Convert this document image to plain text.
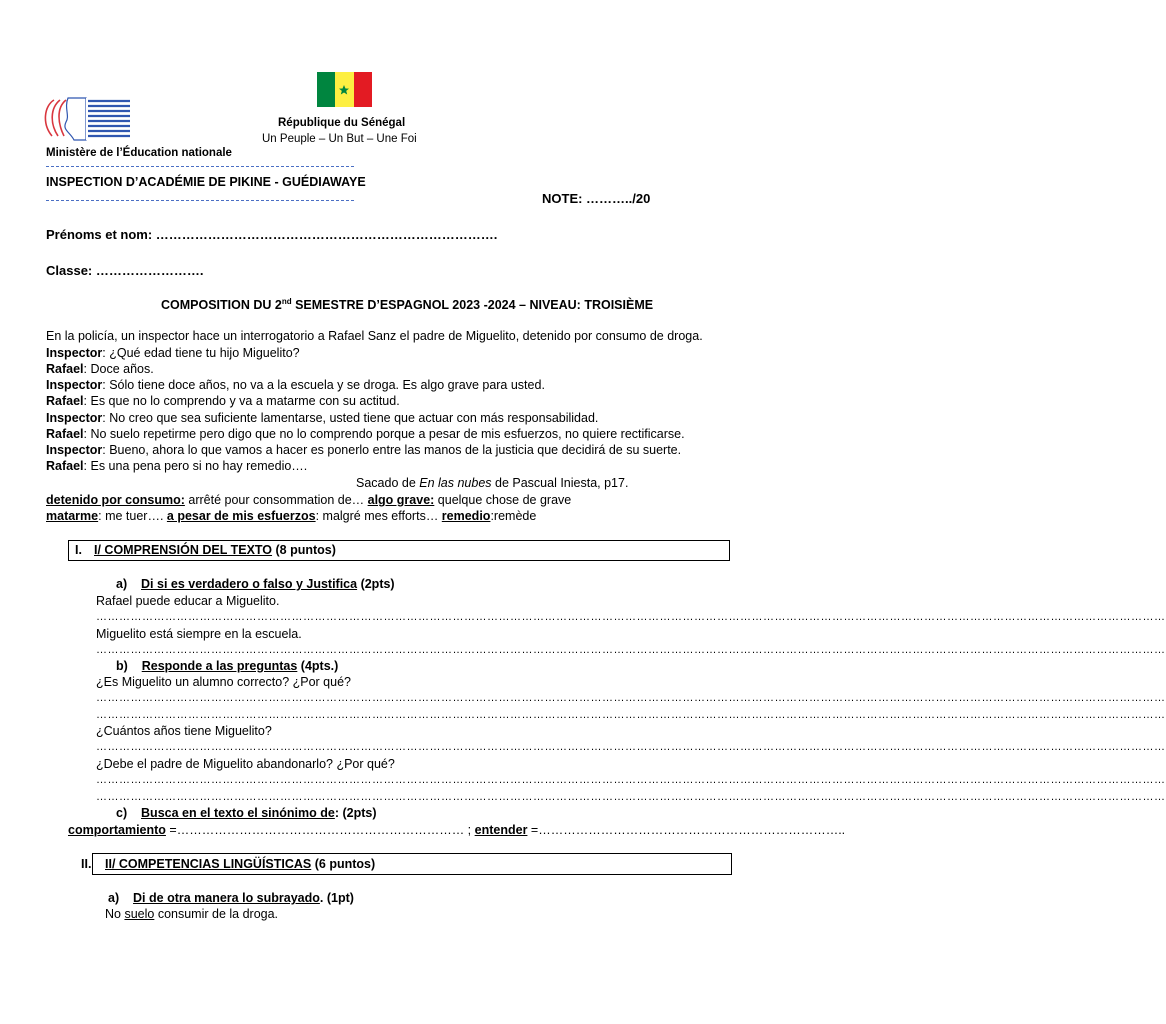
République du Sénégal
Un Peuple – Un But – Une Foi
Ministère de l’Éducation nationale
INSPECTION D’ACADÉMIE DE PIKINE - GUÉDIAWAYE
NOTE: ………../20
Prénoms et nom: …………………………………………………………………….
Classe: …………………….
COMPOSITION DU 2nd SEMESTRE D’ESPAGNOL 2023 -2024 – NIVEAU: TROISIÈME
En la policía, un inspector hace un interrogatorio a Rafael Sanz el padre de Miguelito, detenido por consumo de droga.
Inspector: ¿Qué edad tiene tu hijo Miguelito?
Rafael: Doce años.
Inspector: Sólo tiene doce años, no va a la escuela y se droga. Es algo grave para usted.
Rafael: Es que no lo comprendo y va a matarme con su actitud.
Inspector: No creo que sea suficiente lamentarse, usted tiene que actuar con más responsabilidad.
Rafael: No suelo repetirme pero digo que no lo comprendo porque a pesar de mis esfuerzos, no quiere rectificarse.
Inspector: Bueno, ahora lo que vamos a hacer es ponerlo entre las manos de la justicia que decidirá de su suerte.
Rafael: Es una pena pero si no hay remedio….
Sacado de En las nubes de Pascual Iniesta, p17.
detenido por consumo: arrêté pour consommation de… algo grave: quelque chose de grave
matarme: me tuer…. a pesar de mis esfuerzos: malgré mes efforts… remedio:remède
I. I/ COMPRENSIÓN DEL TEXTO (8 puntos)
a) Di si es verdadero o falso y Justifica (2pts)
Rafael puede educar a Miguelito.
………………………………………………………………………………………………………………………………………………………………………………………………………………………………………………………
Miguelito está siempre en la escuela.
………………………………………………………………………………………………………………………………………………………………………………………………………………………………………………………
b) Responde a las preguntas (4pts.)
¿Es Miguelito un alumno correcto? ¿Por qué?
………………………………………………………………………………………………………………………………………………………………………………………………………………………………………………………
………………………………………………………………………………………………………………………………………………………………………………………………………………………………………………………
¿Cuántos años tiene Miguelito?
………………………………………………………………………………………………………………………………………………………………………………………………………………………………………………………
¿Debe el padre de Miguelito abandonarlo? ¿Por qué?
………………………………………………………………………………………………………………………………………………………………………………………………………………………………………………………
………………………………………………………………………………………………………………………………………………………………………………………………………………………………………………………
c) Busca en el texto el sinónimo de: (2pts)
comportamiento =…………………………………………………………… ; entender =………………………………………………………………..
II. II/ COMPETENCIAS LINGÜÍSTICAS (6 puntos)
a) Di de otra manera lo subrayado. (1pt)
No suelo consumir de la droga.
